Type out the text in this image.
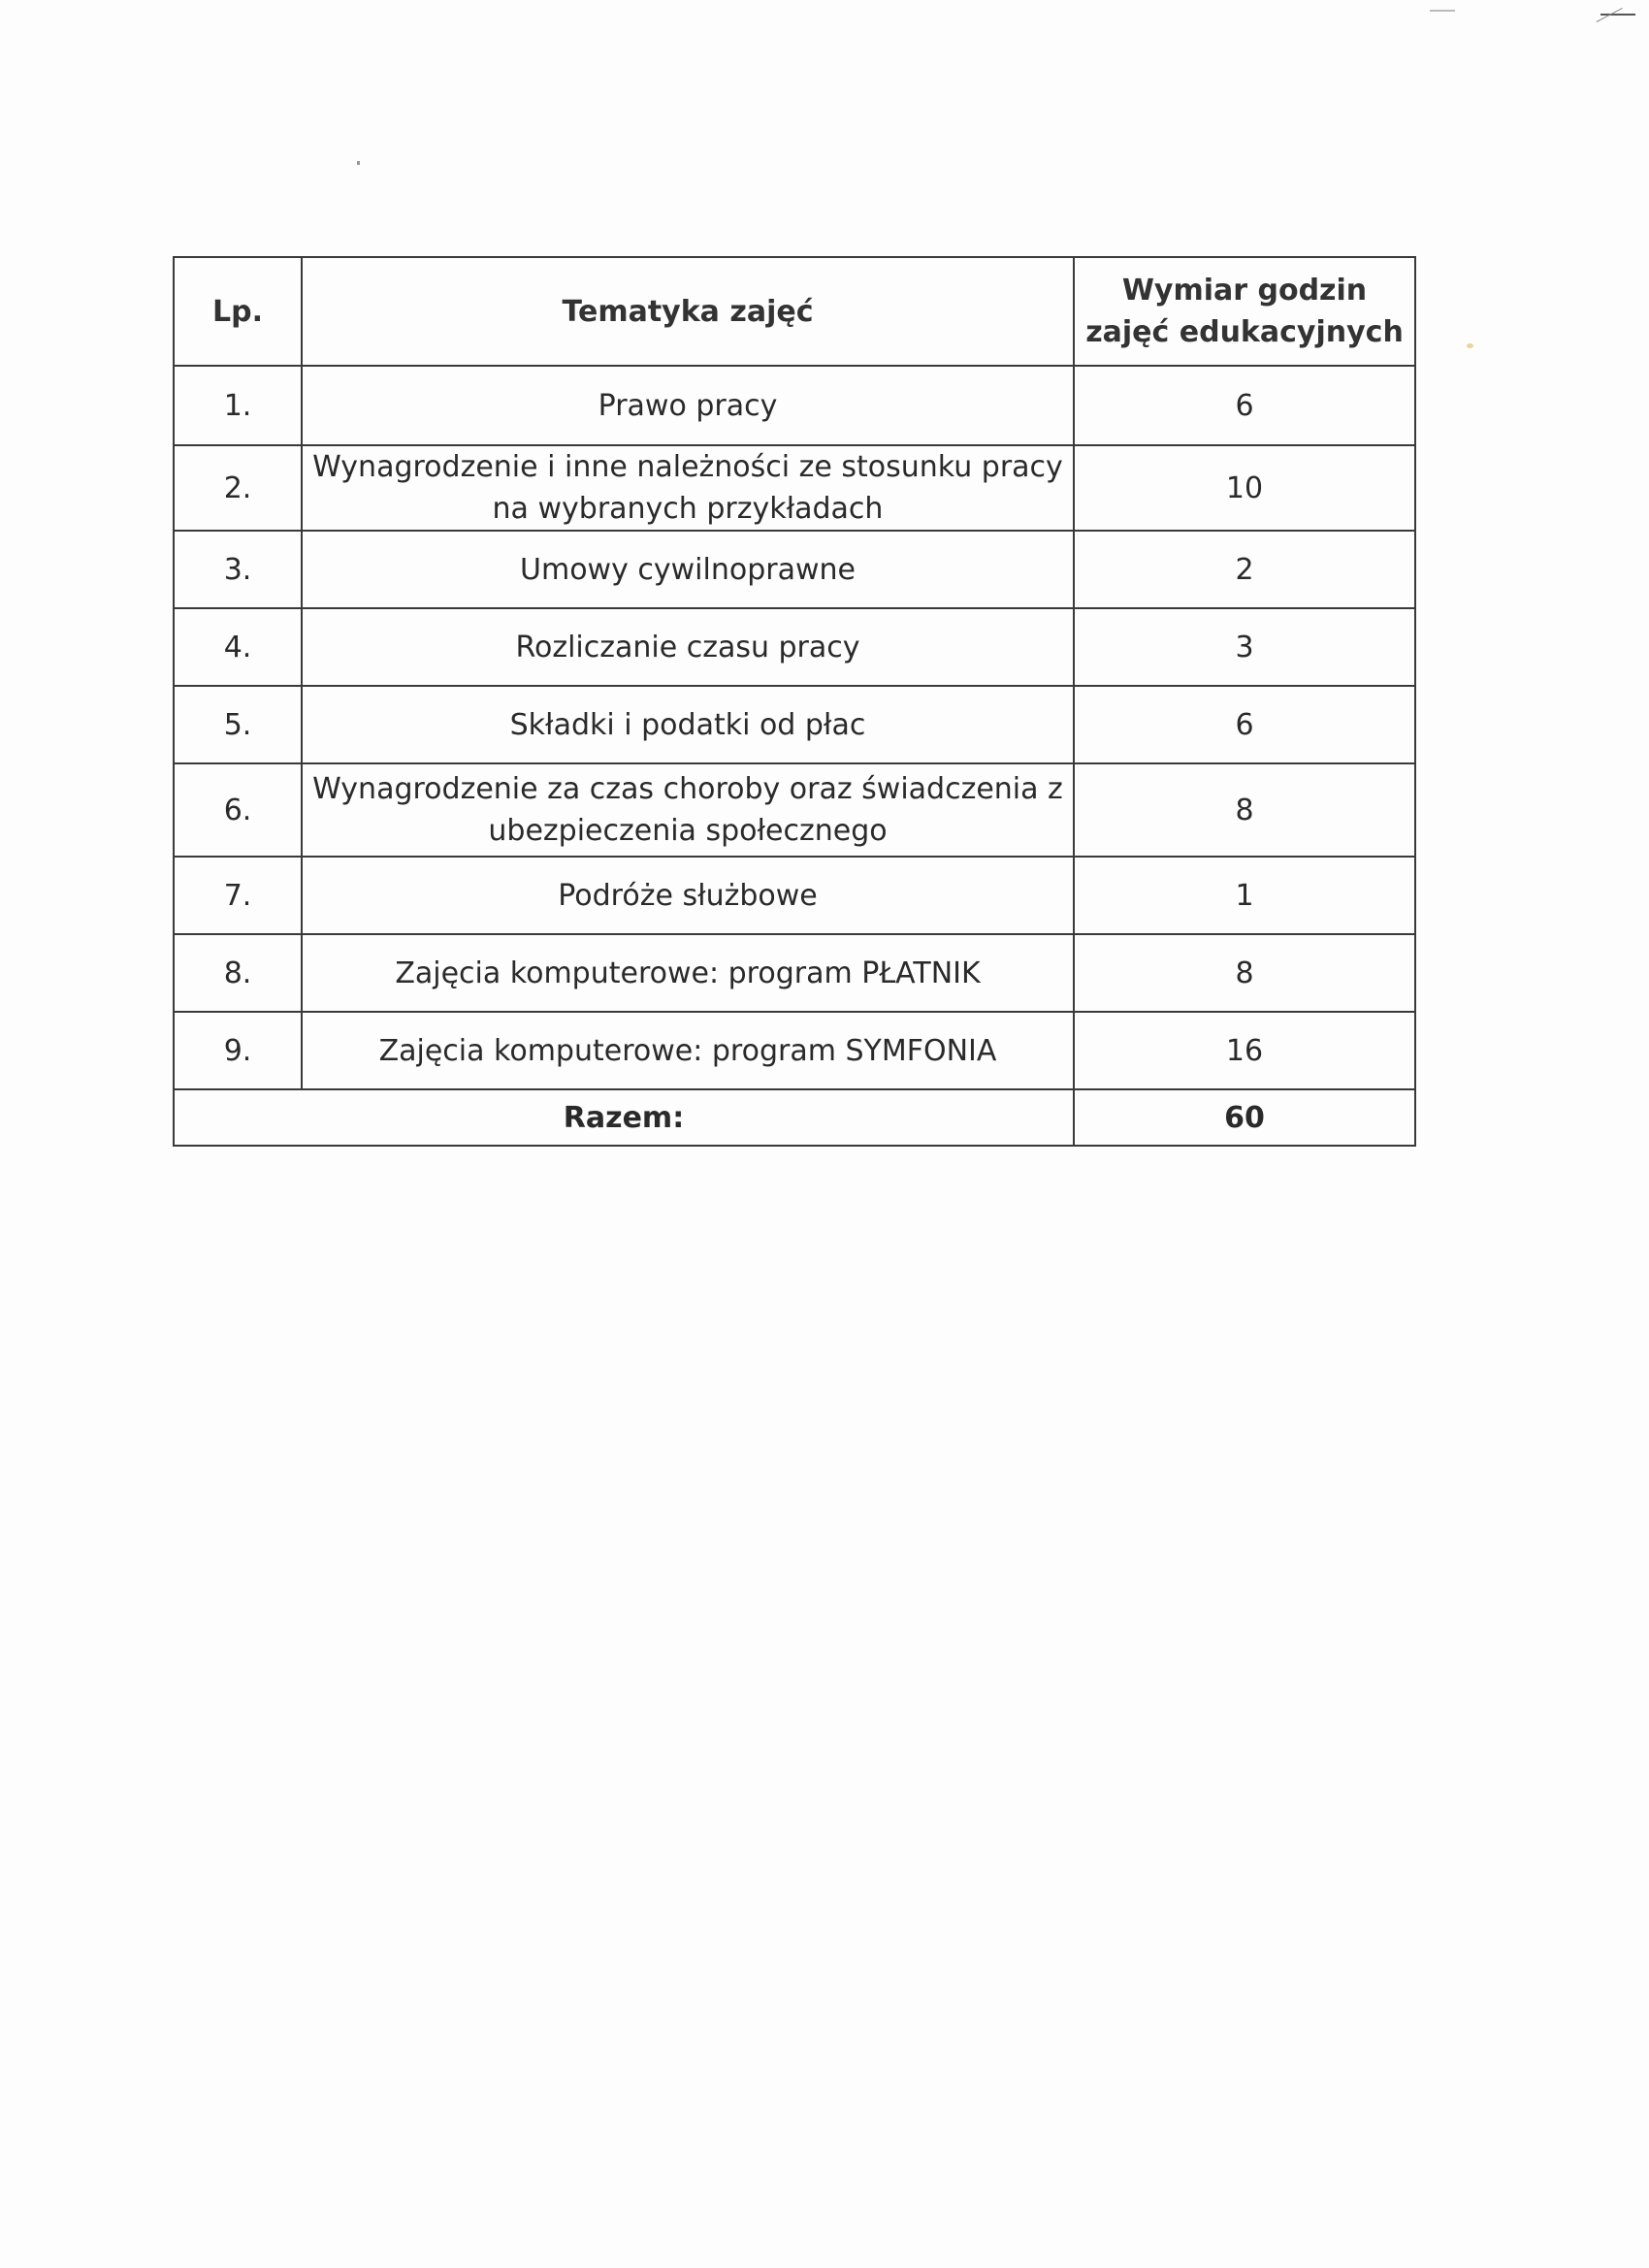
Lp.	Tematyka zajęć	Wymiar godzin zajęć edukacyjnych
1.	Prawo pracy	6
2.	Wynagrodzenie i inne należności ze stosunku pracy na wybranych przykładach	10
3.	Umowy cywilnoprawne	2
4.	Rozliczanie czasu pracy	3
5.	Składki i podatki od płac	6
6.	Wynagrodzenie za czas choroby oraz świadczenia z ubezpieczenia społecznego	8
7.	Podróże służbowe	1
8.	Zajęcia komputerowe: program PŁATNIK	8
9.	Zajęcia komputerowe: program SYMFONIA	16
Razem:		60
